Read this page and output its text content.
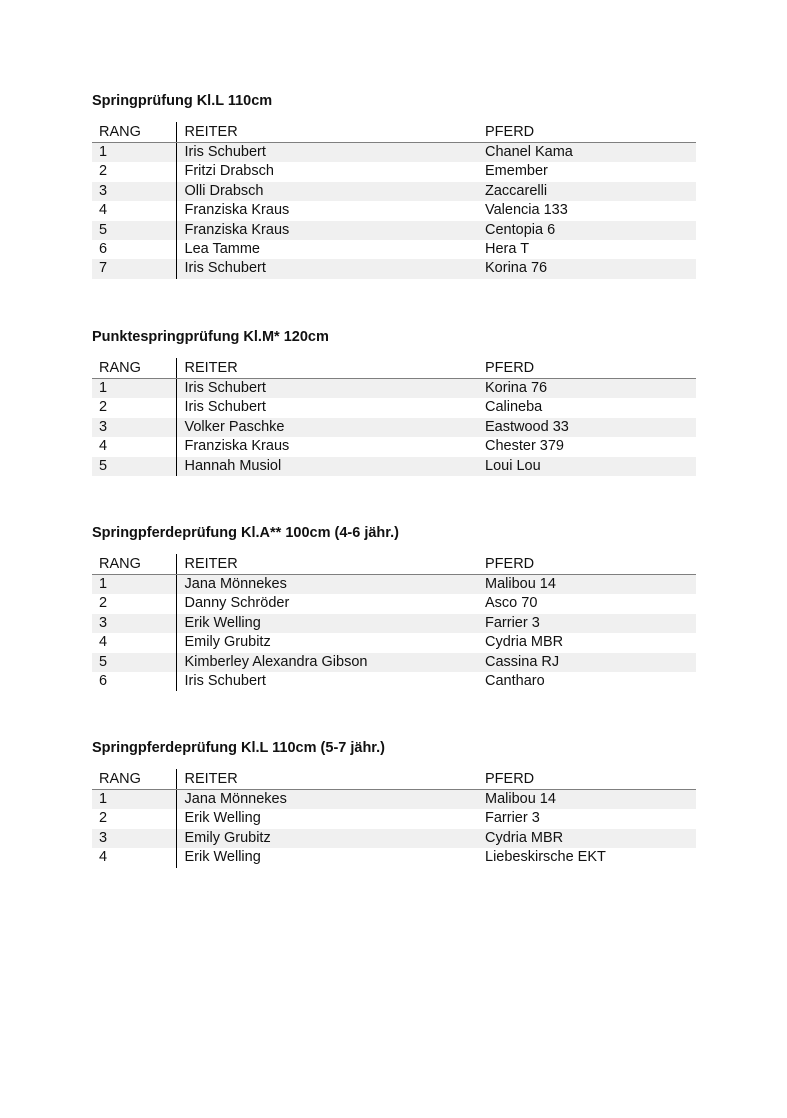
Springprüfung Kl.L 110cm
RANG	REITER	PFERD
1	Iris Schubert	Chanel Kama
2	Fritzi Drabsch	Emember
3	Olli Drabsch	Zaccarelli
4	Franziska Kraus	Valencia 133
5	Franziska Kraus	Centopia 6
6	Lea Tamme	Hera T
7	Iris Schubert	Korina 76
Punktespringprüfung Kl.M* 120cm
RANG	REITER	PFERD
1	Iris Schubert	Korina 76
2	Iris Schubert	Calineba
3	Volker Paschke	Eastwood 33
4	Franziska Kraus	Chester 379
5	Hannah Musiol	Loui Lou
Springpferdeprüfung Kl.A** 100cm (4-6 jähr.)
RANG	REITER	PFERD
1	Jana Mönnekes	Malibou 14
2	Danny Schröder	Asco 70
3	Erik Welling	Farrier 3
4	Emily Grubitz	Cydria MBR
5	Kimberley Alexandra Gibson	Cassina RJ
6	Iris Schubert	Cantharo
Springpferdeprüfung Kl.L 110cm (5-7 jähr.)
RANG	REITER	PFERD
1	Jana Mönnekes	Malibou 14
2	Erik Welling	Farrier 3
3	Emily Grubitz	Cydria MBR
4	Erik Welling	Liebeskirsche EKT
